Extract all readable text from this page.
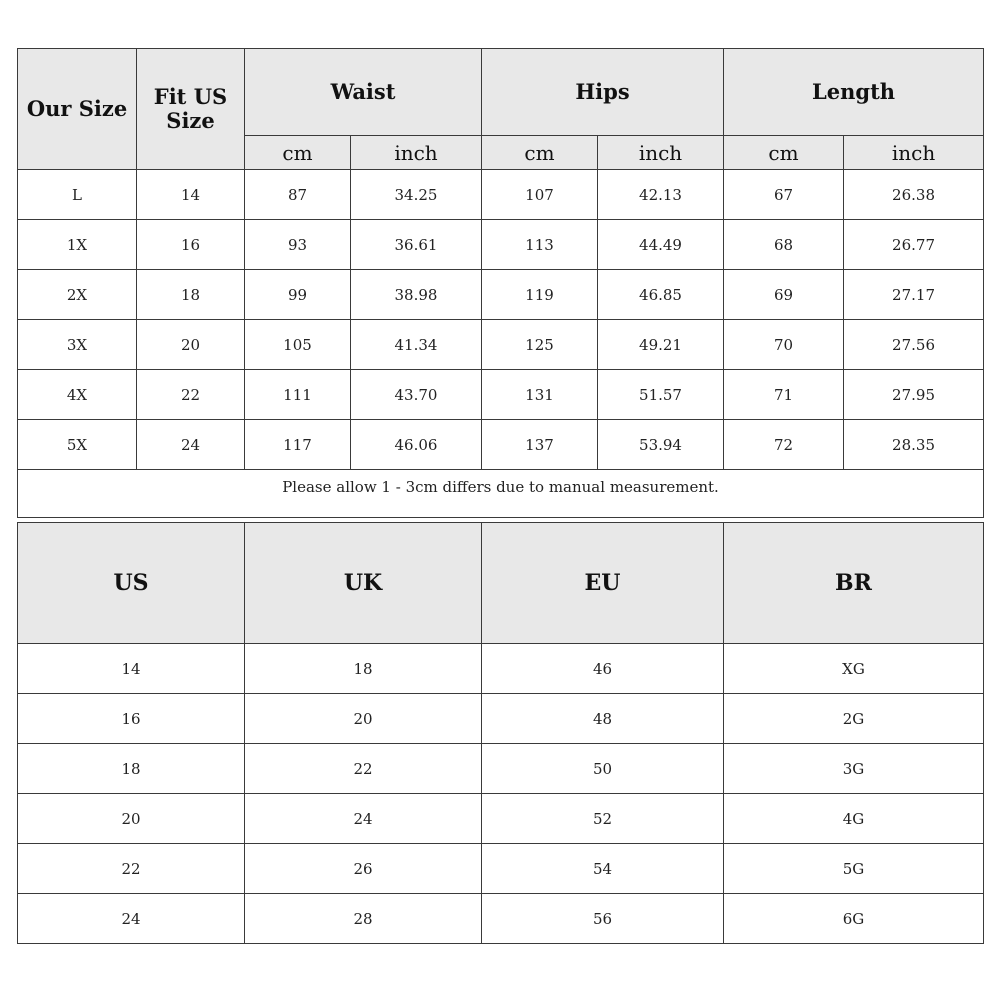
Our Size	Fit US Size	Waist		Hips		Length	
		cm	inch	cm	inch	cm	inch
L	14	87	34.25	107	42.13	67	26.38
1X	16	93	36.61	113	44.49	68	26.77
2X	18	99	38.98	119	46.85	69	27.17
3X	20	105	41.34	125	49.21	70	27.56
4X	22	111	43.70	131	51.57	71	27.95
5X	24	117	46.06	137	53.94	72	28.35
Please allow 1 - 3cm differs due to manual measurement.							
US	UK	EU	BR
14	18	46	XG
16	20	48	2G
18	22	50	3G
20	24	52	4G
22	26	54	5G
24	28	56	6G
